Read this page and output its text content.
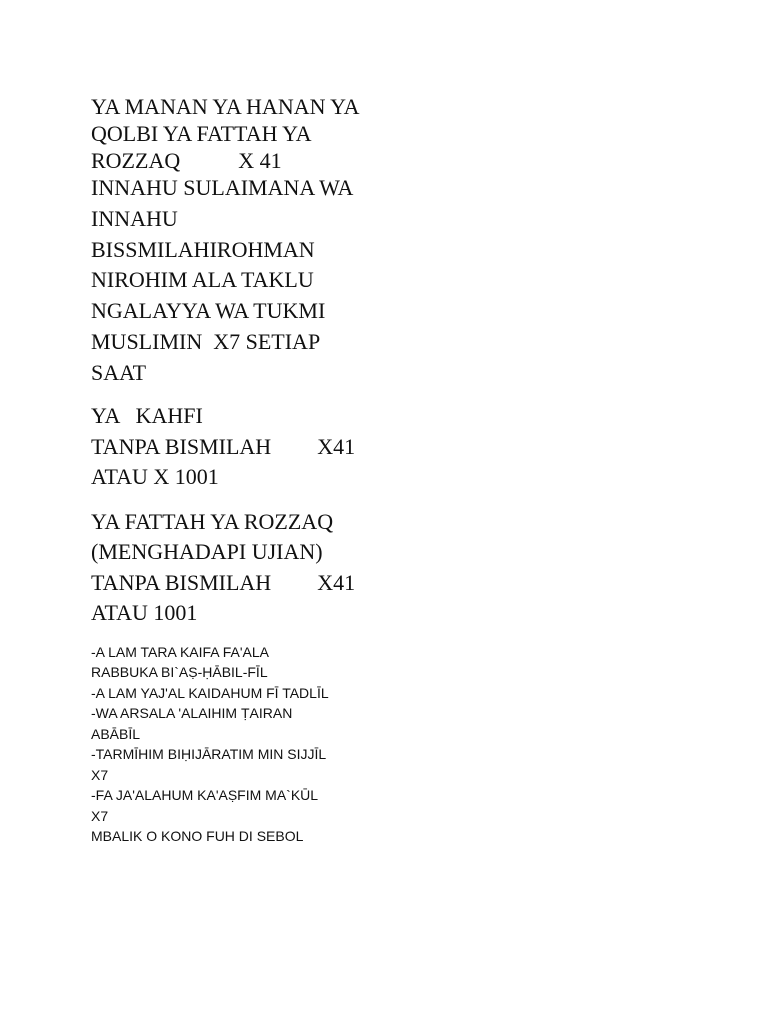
YA MANAN YA HANAN YA
QOLBI YA FATTAH YA
ROZZAQ	X 41
INNAHU SULAIMANA WA
INNAHU
BISSMILAHIROHMAN
NIROHIM ALA TAKLU
NGALAYYA WA TUKMI
MUSLIMIN  X7 SETIAP
SAAT
YA   KAHFI
TANPA BISMILAH X41
ATAU X 1001
YA FATTAH YA ROZZAQ
(MENGHADAPI UJIAN)
TANPA BISMILAH X41
ATAU 1001
-A LAM TARA KAIFA FA'ALA
RABBUKA BI`AṢ-ḤĀBIL-FĪL
-A LAM YAJ'AL KAIDAHUM FĪ TADLĪL
-WA ARSALA 'ALAIHIM ṬAIRAN
ABĀBĪL
-TARMĪHIM BIḤIJĀRATIM MIN SIJJĪL
X7
-FA JA'ALAHUM KA'AṢFIM MA`KŪL
X7
MBALIK O KONO FUH DI SEBOL
